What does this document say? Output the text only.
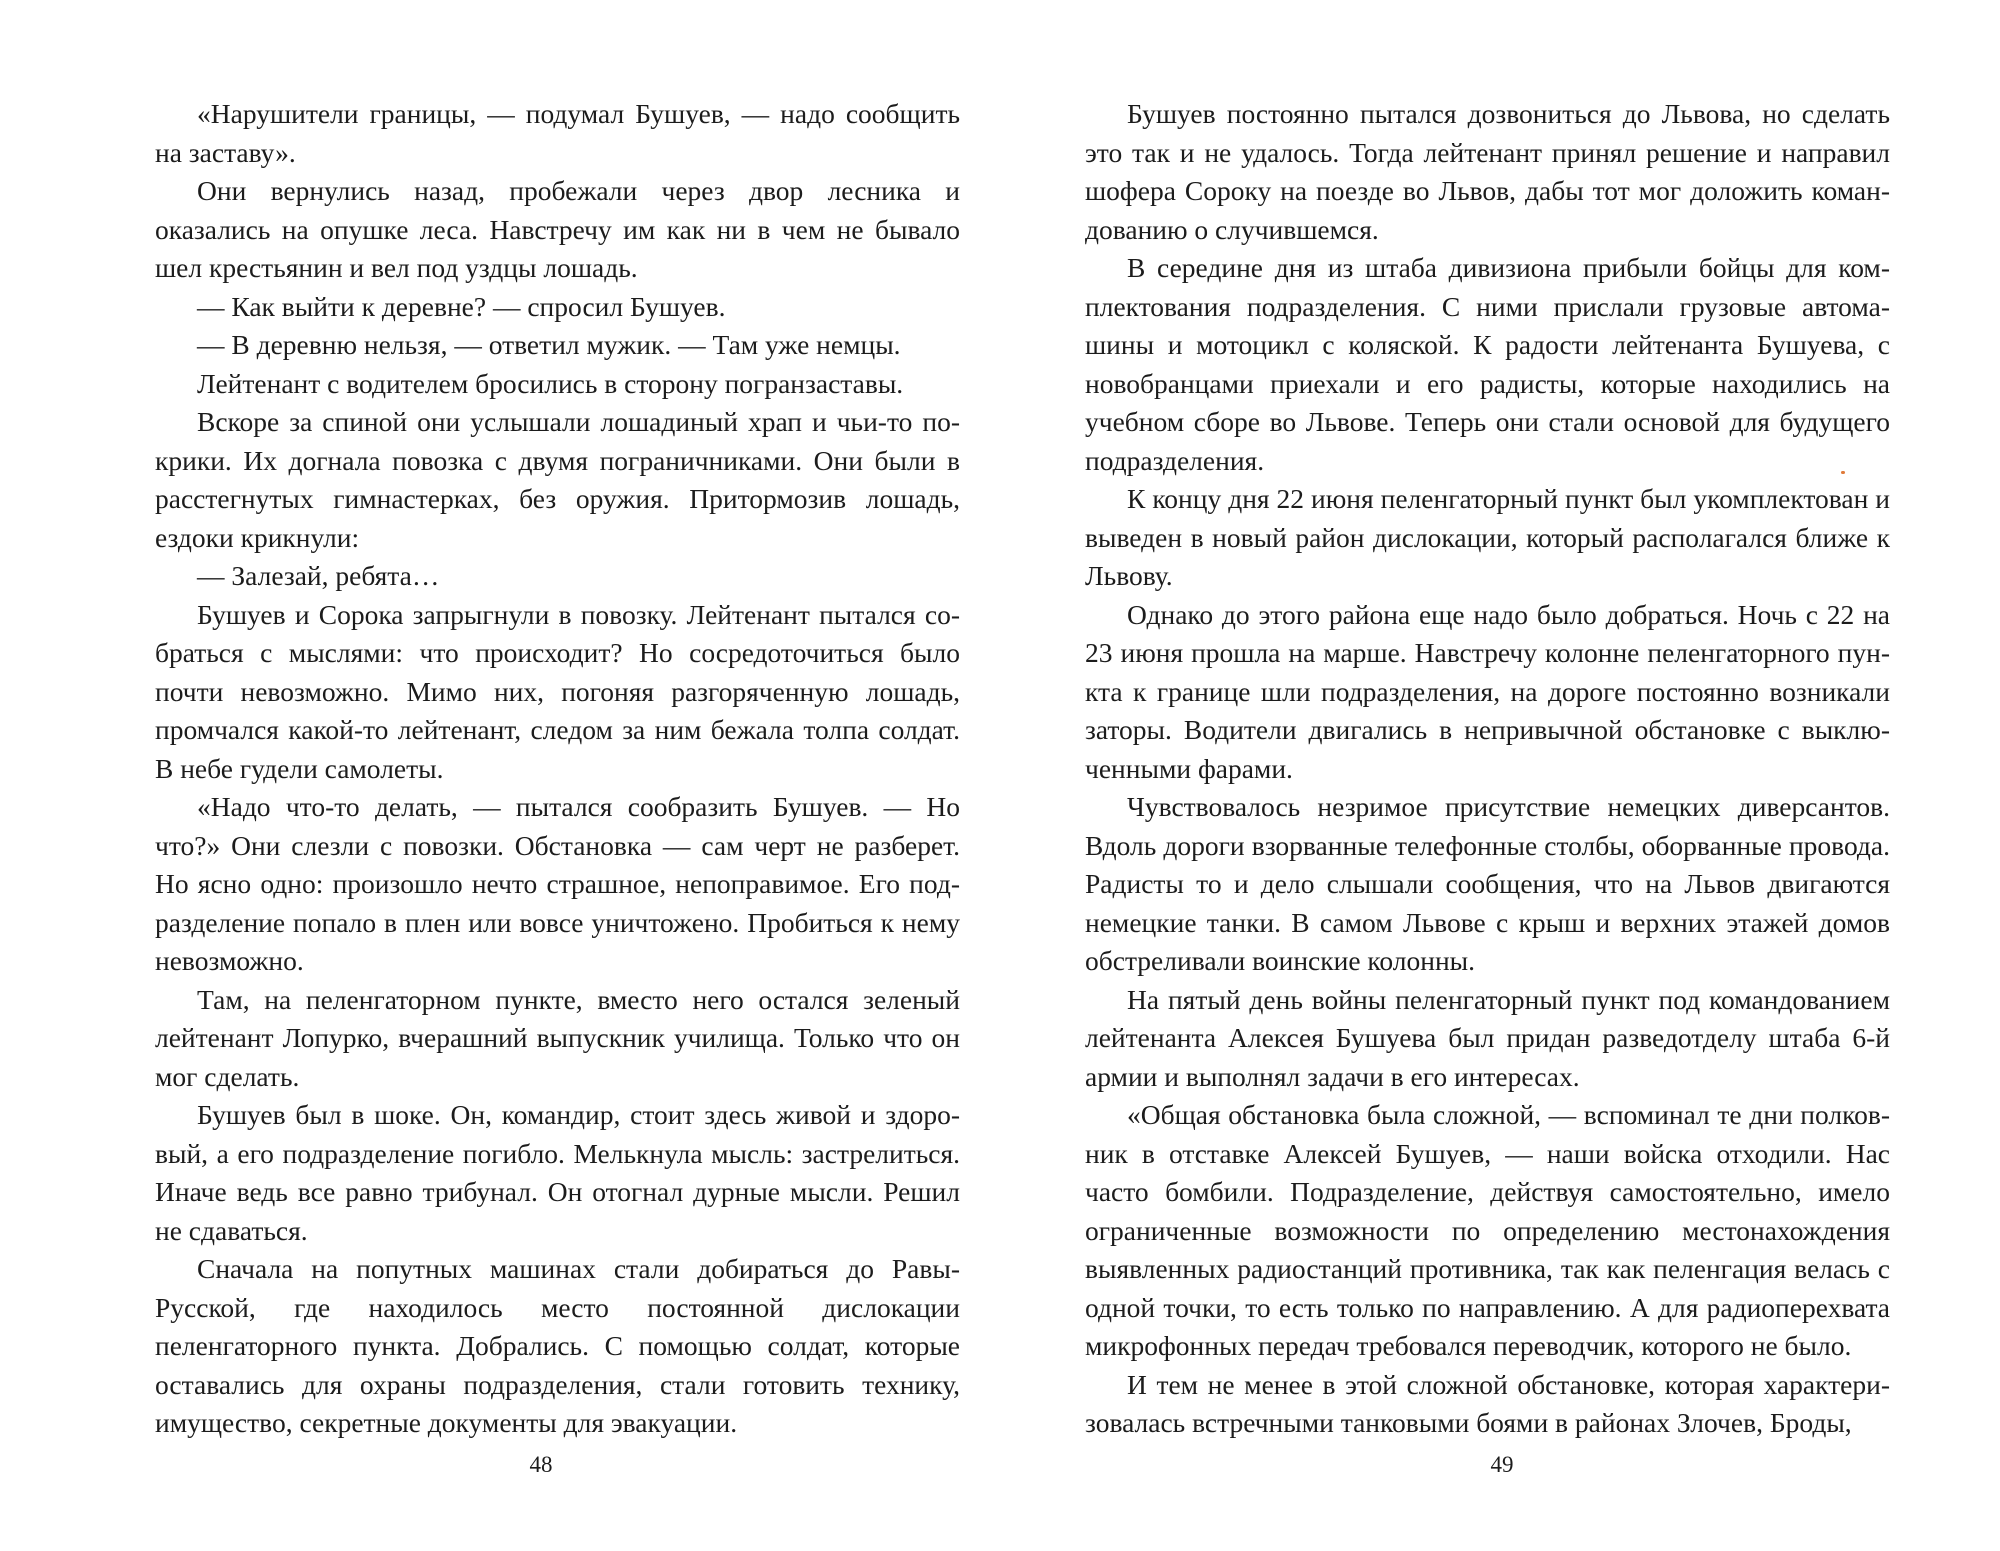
«Нарушители границы, — подумал Бушуев, — надо сообщить на заставу».

Они вернулись назад, пробежали через двор лесника и оказались на опушке леса. Навстречу им как ни в чем не бывало шел крестьянин и вел под уздцы лошадь.

— Как выйти к деревне? — спросил Бушуев.

— В деревню нельзя, — ответил мужик. — Там уже немцы.

Лейтенант с водителем бросились в сторону погранзаставы.

Вскоре за спиной они услышали лошадиный храп и чьи-то покрики. Их догнала повозка с двумя пограничниками. Они были в расстегнутых гимнастерках, без оружия. Притормозив лошадь, ездоки крикнули:

— Залезай, ребята…

Бушуев и Сорока запрыгнули в повозку. Лейтенант пытался собраться с мыслями: что происходит? Но сосредоточиться было почти невозможно. Мимо них, погоняя разгоряченную лошадь, промчался какой-то лейтенант, следом за ним бежала толпа солдат. В небе гудели самолеты.

«Надо что-то делать, — пытался сообразить Бушуев. — Но что?» Они слезли с повозки. Обстановка — сам черт не разберет. Но ясно одно: произошло нечто страшное, непоправимое. Его подразделение попало в плен или вовсе уничтожено. Пробиться к нему невозможно.

Там, на пеленгаторном пункте, вместо него остался зеленый лейтенант Лопурко, вчерашний выпускник училища. Только что он мог сделать.

Бушуев был в шоке. Он, командир, стоит здесь живой и здоровый, а его подразделение погибло. Мелькнула мысль: застрелиться. Иначе ведь все равно трибунал. Он отогнал дурные мысли. Решил не сдаваться.

Сначала на попутных машинах стали добираться до Равы-Русской, где находилось место постоянной дислокации пеленгаторного пункта. Добрались. С помощью солдат, которые оставались для охраны подразделения, стали готовить технику, имущество, секретные документы для эвакуации.

Бушуев постоянно пытался дозвониться до Львова, но сделать это так и не удалось. Тогда лейтенант принял решение и направил шофера Сороку на поезде во Львов, дабы тот мог доложить командованию о случившемся.

В середине дня из штаба дивизиона прибыли бойцы для комплектования подразделения. С ними прислали грузовые автомашины и мотоцикл с коляской. К радости лейтенанта Бушуева, с новобранцами приехали и его радисты, которые находились на учебном сборе во Львове. Теперь они стали основой для будущего подразделения.

К концу дня 22 июня пеленгаторный пункт был укомплектован и выведен в новый район дислокации, который располагался ближе к Львову.

Однако до этого района еще надо было добраться. Ночь с 22 на 23 июня прошла на марше. Навстречу колонне пеленгаторного пункта к границе шли подразделения, на дороге постоянно возникали заторы. Водители двигались в непривычной обстановке с выключенными фарами.

Чувствовалось незримое присутствие немецких диверсантов. Вдоль дороги взорванные телефонные столбы, оборванные провода. Радисты то и дело слышали сообщения, что на Львов двигаются немецкие танки. В самом Львове с крыш и верхних этажей домов обстреливали воинские колонны.

На пятый день войны пеленгаторный пункт под командованием лейтенанта Алексея Бушуева был придан разведотделу штаба 6-й армии и выполнял задачи в его интересах.

«Общая обстановка была сложной, — вспоминал те дни полковник в отставке Алексей Бушуев, — наши войска отходили. Нас часто бомбили. Подразделение, действуя самостоятельно, имело ограниченные возможности по определению местонахождения выявленных радиостанций противника, так как пеленгация велась с одной точки, то есть только по направлению. А для радиоперехвата микрофонных передач требовался переводчик, которого не было.

И тем не менее в этой сложной обстановке, которая характеризовалась встречными танковыми боями в районах Злочев, Броды,

48	49
